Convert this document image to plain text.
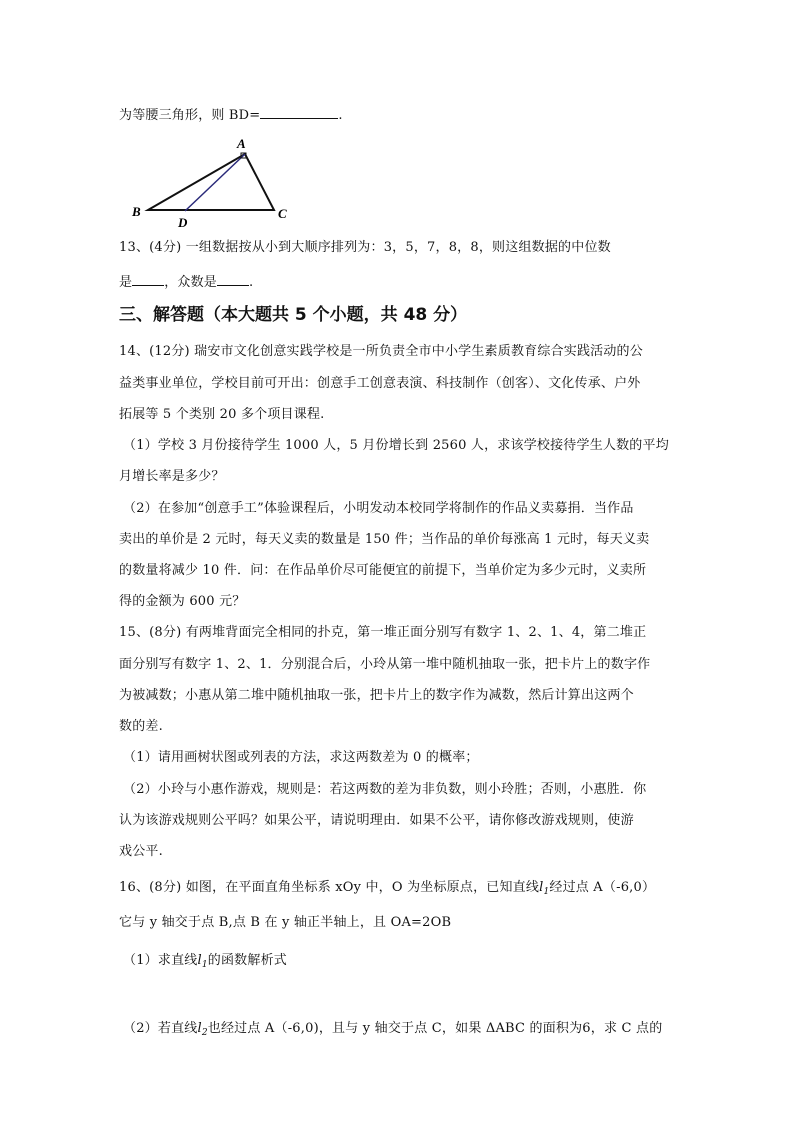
为等腰三角形，则 BD=	.
A
B	C
D
13、(4分) 一组数据按从小到大顺序排列为：3，5，7，8，8，则这组数据的中位数
是 ，众数是 .
三、解答题（本大题共 5 个小题，共 48 分）
14、(12分) 瑞安市文化创意实践学校是一所负责全市中小学生素质教育综合实践活动的公
益类事业单位，学校目前可开出：创意手工创意表演、科技制作（创客）、文化传承、户外
拓展等 5 个类别 20 多个项目课程.
（1）学校 3 月份接待学生 1000 人，5 月份增长到 2560 人，求该学校接待学生人数的平均
月增长率是多少？
（2）在参加“创意手工”体验课程后，小明发动本校同学将制作的作品义卖募捐．当作品
卖出的单价是 2 元时，每天义卖的数量是 150 件；当作品的单价每涨高 1 元时，每天义卖
的数量将减少 10 件．问：在作品单价尽可能便宜的前提下，当单价定为多少元时，义卖所
得的金额为 600 元？
15、(8分) 有两堆背面完全相同的扑克，第一堆正面分别写有数字 1、2、1、4，第二堆正
面分别写有数字 1、2、1．分别混合后，小玲从第一堆中随机抽取一张，把卡片上的数字作
为被减数；小惠从第二堆中随机抽取一张，把卡片上的数字作为减数，然后计算出这两个
数的差.
（1）请用画树状图或列表的方法，求这两数差为 0 的概率；
（2）小玲与小惠作游戏，规则是：若这两数的差为非负数，则小玲胜；否则，小惠胜．你
认为该游戏规则公平吗？如果公平，请说明理由．如果不公平，请你修改游戏规则，使游
戏公平.
16、(8分) 如图，在平面直角坐标系 xOy 中，O 为坐标原点，已知直线$l_1$经过点 A（-6,0）
它与 y 轴交于点 B,点 B 在 y 轴正半轴上，且 OA=2OB
（1）求直线$l_1$的函数解析式
（2）若直线$l_2$也经过点 A（-6,0)，且与 y 轴交于点 C，如果 ΔABC 的面积为6，求 C 点的
